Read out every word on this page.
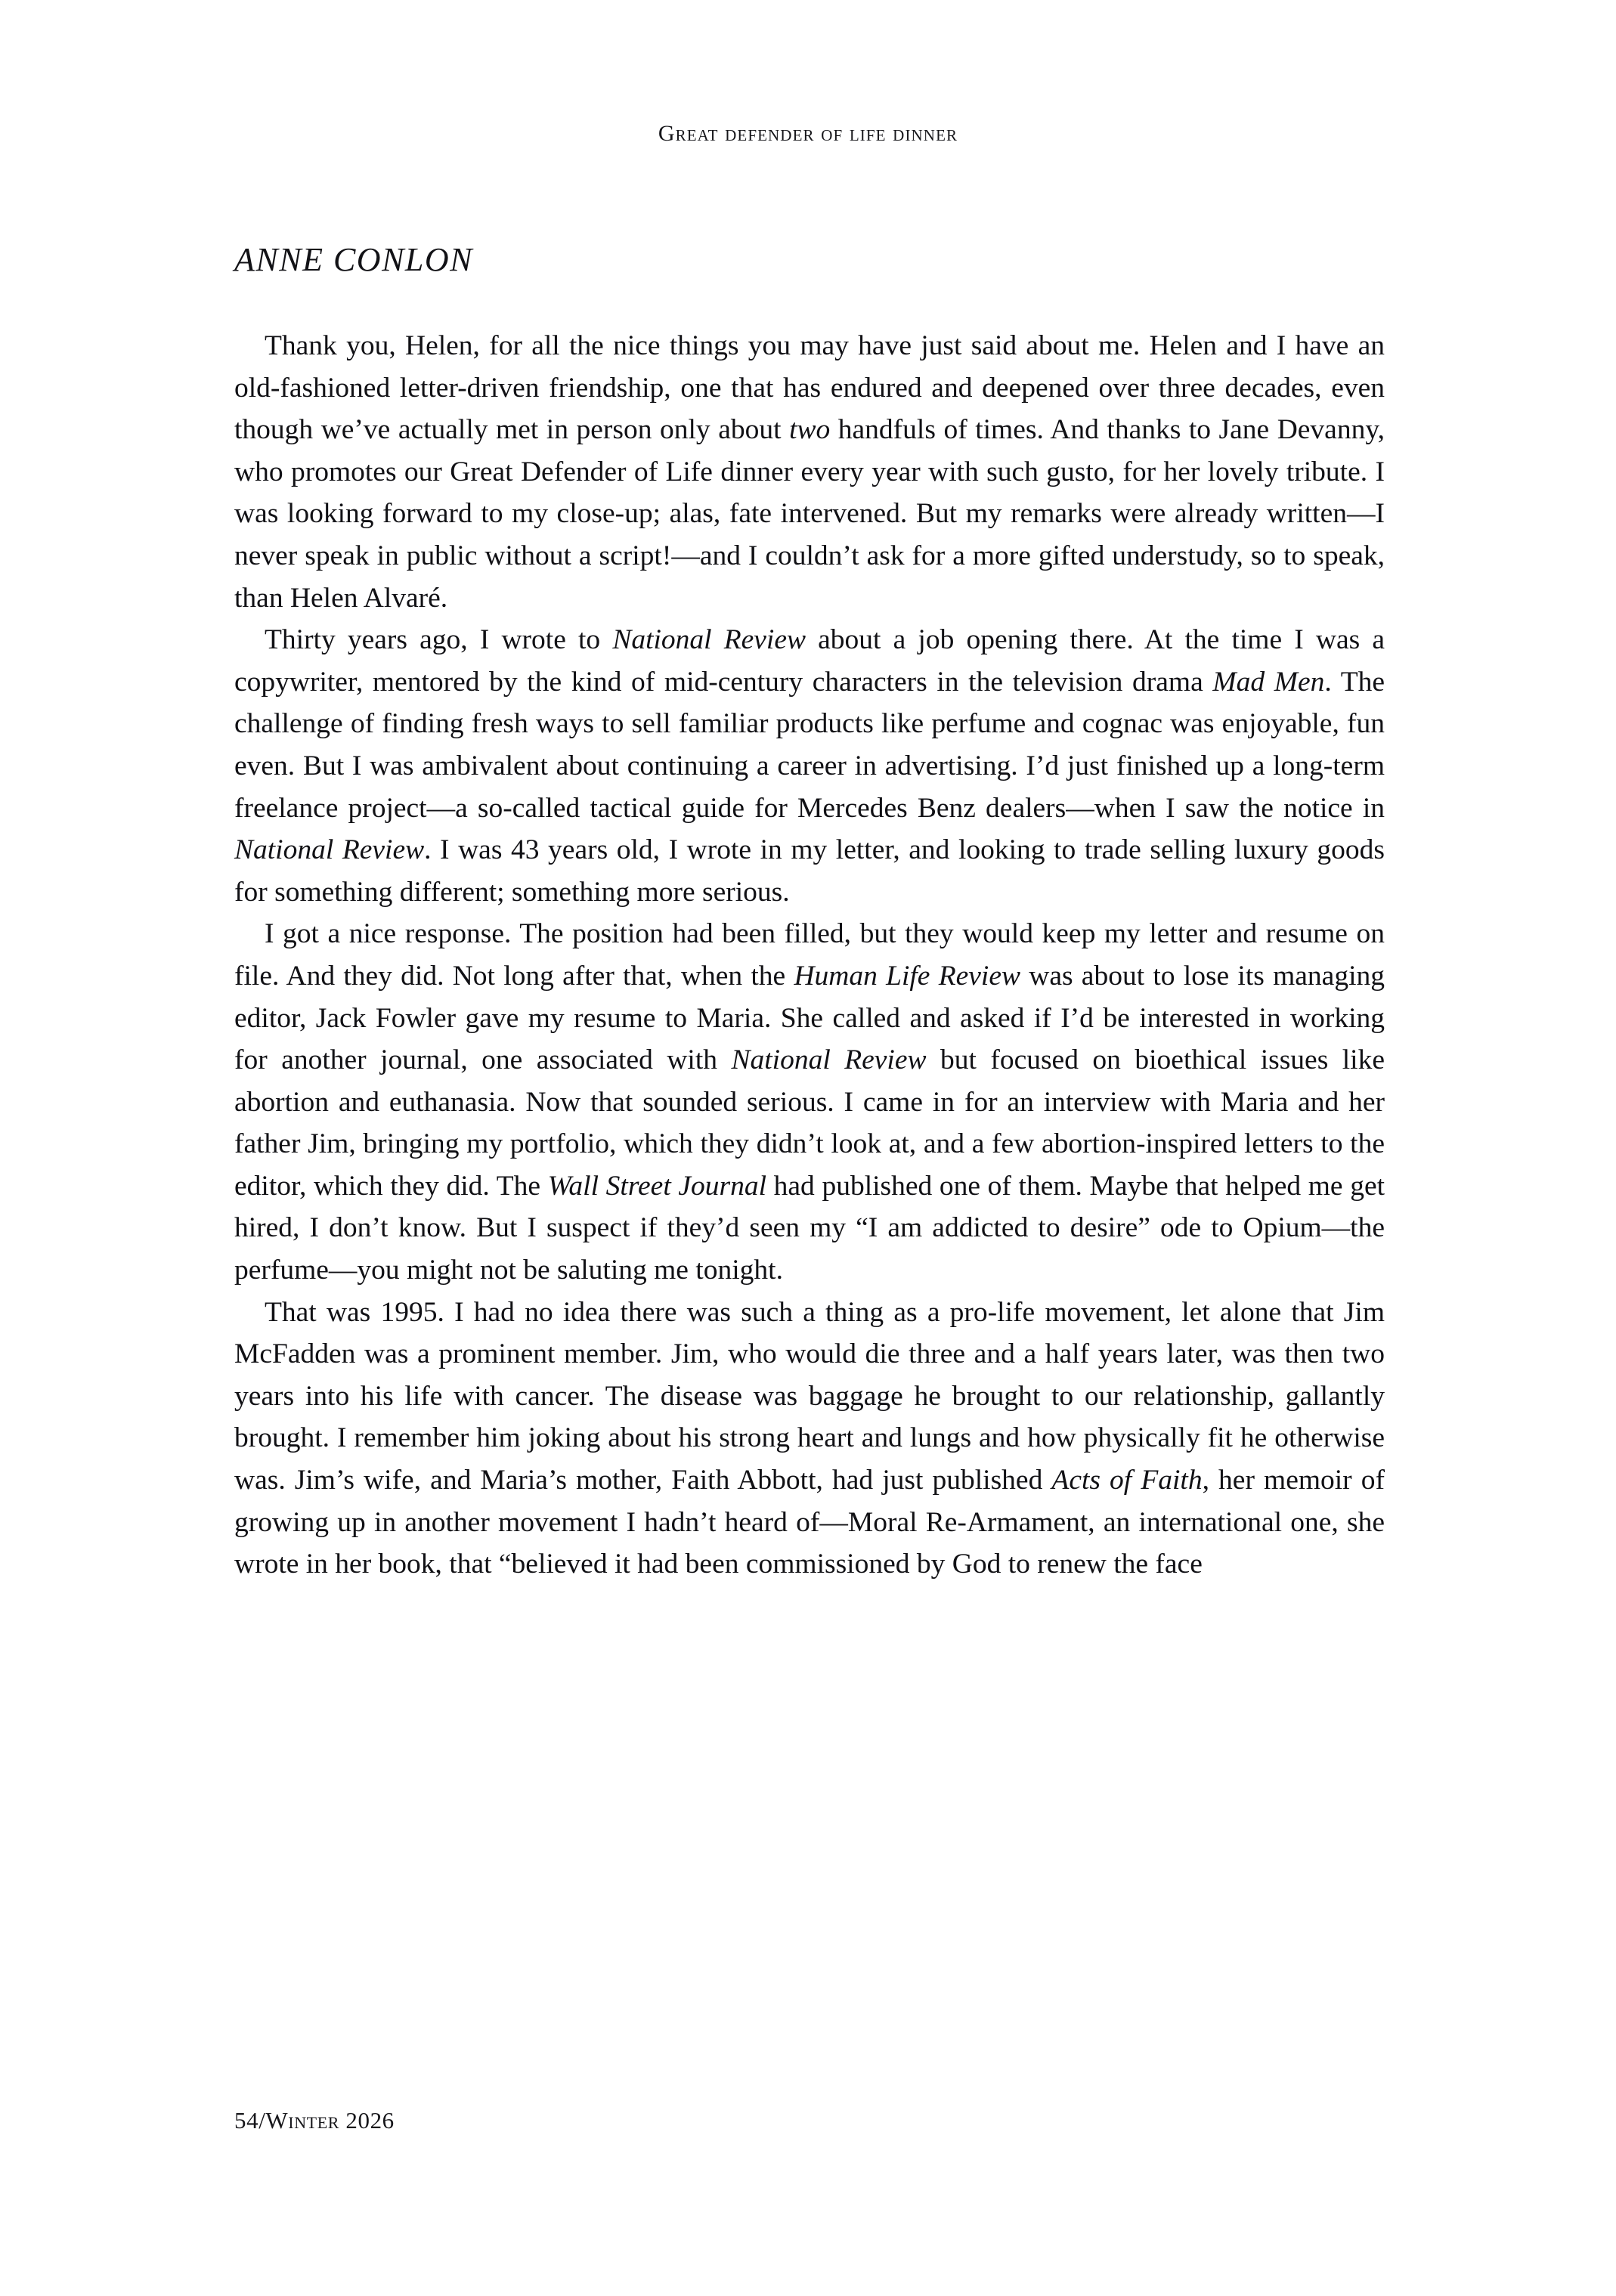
Great defender of life dinner
ANNE CONLON

Thank you, Helen, for all the nice things you may have just said about me. Helen and I have an old-fashioned letter-driven friendship, one that has endured and deepened over three decades, even though we’ve actually met in person only about two handfuls of times. And thanks to Jane Devanny, who promotes our Great Defender of Life dinner every year with such gusto, for her lovely tribute. I was looking forward to my close-up; alas, fate intervened. But my remarks were already written—I never speak in public without a script!—and I couldn’t ask for a more gifted understudy, so to speak, than Helen Alvaré.

Thirty years ago, I wrote to National Review about a job opening there. At the time I was a copywriter, mentored by the kind of mid-century characters in the television drama Mad Men. The challenge of finding fresh ways to sell familiar products like perfume and cognac was enjoyable, fun even. But I was ambivalent about continuing a career in advertising. I’d just finished up a long-term freelance project—a so-called tactical guide for Mercedes Benz dealers—when I saw the notice in National Review. I was 43 years old, I wrote in my letter, and looking to trade selling luxury goods for something different; something more serious.

I got a nice response. The position had been filled, but they would keep my letter and resume on file. And they did. Not long after that, when the Human Life Review was about to lose its managing editor, Jack Fowler gave my resume to Maria. She called and asked if I’d be interested in working for another journal, one associated with National Review but focused on bioethical issues like abortion and euthanasia. Now that sounded serious. I came in for an interview with Maria and her father Jim, bringing my portfolio, which they didn’t look at, and a few abortion-inspired letters to the editor, which they did. The Wall Street Journal had published one of them. Maybe that helped me get hired, I don’t know. But I suspect if they’d seen my “I am addicted to desire” ode to Opium—the perfume—you might not be saluting me tonight.

That was 1995. I had no idea there was such a thing as a pro-life movement, let alone that Jim McFadden was a prominent member. Jim, who would die three and a half years later, was then two years into his life with cancer. The disease was baggage he brought to our relationship, gallantly brought. I remember him joking about his strong heart and lungs and how physically fit he otherwise was. Jim’s wife, and Maria’s mother, Faith Abbott, had just published Acts of Faith, her memoir of growing up in another movement I hadn’t heard of—Moral Re-Armament, an international one, she wrote in her book, that “believed it had been commissioned by God to renew the face

54/Winter 2026
